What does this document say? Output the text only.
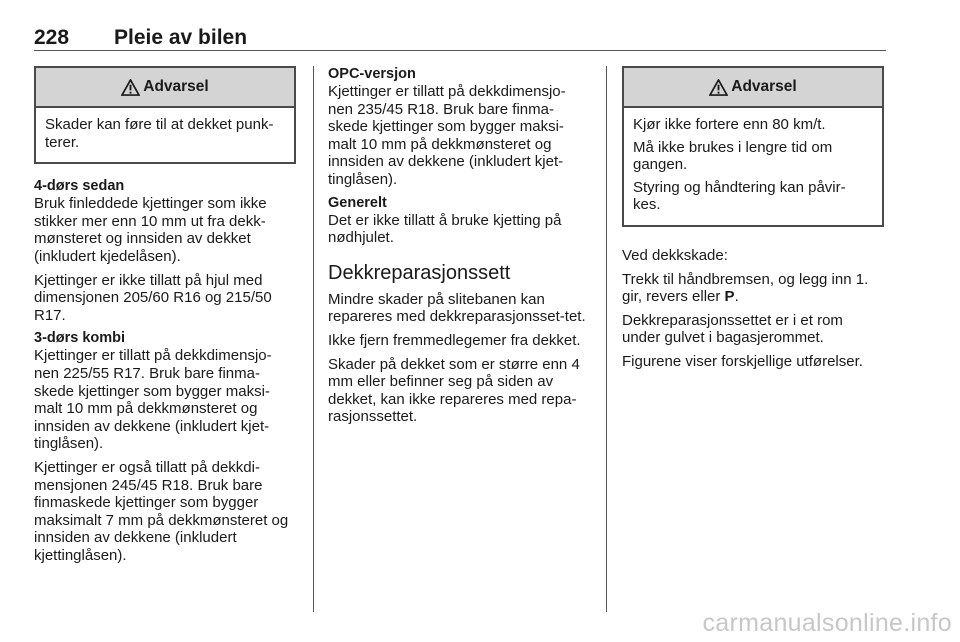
228 Pleie av bilen
Advarsel

Skader kan føre til at dekket punk-terer.

4-dørs sedan

Bruk finleddede kjettinger som ikke stikker mer enn 10 mm ut fra dekk-mønsteret og innsiden av dekket (inkludert kjedelåsen).

Kjettinger er ikke tillatt på hjul med dimensjonen 205/60 R16 og 215/50 R17.

3-dørs kombi

Kjettinger er tillatt på dekkdimensjo-nen 225/55 R17. Bruk bare finma-skede kjettinger som bygger maksi-malt 10 mm på dekkmønsteret og innsiden av dekkene (inkludert kjet-tinglåsen).

Kjettinger er også tillatt på dekkdi-mensjonen 245/45 R18. Bruk bare finmaskede kjettinger som bygger maksimalt 7 mm på dekkmønsteret og innsiden av dekkene (inkludert kjettinglåsen).

OPC-versjon

Kjettinger er tillatt på dekkdimensjo-nen 235/45 R18. Bruk bare finma-skede kjettinger som bygger maksi-malt 10 mm på dekkmønsteret og innsiden av dekkene (inkludert kjet-tinglåsen).

Generelt

Det er ikke tillatt å bruke kjetting på nødhjulet.

Dekkreparasjonssett

Mindre skader på slitebanen kan repareres med dekkreparasjonsset-tet.

Ikke fjern fremmedlegemer fra dekket.

Skader på dekket som er større enn 4 mm eller befinner seg på siden av dekket, kan ikke repareres med repa-rasjonssettet.

Advarsel

Kjør ikke fortere enn 80 km/t.

Må ikke brukes i lengre tid om gangen.

Styring og håndtering kan påvir-kes.

Ved dekkskade:

Trekk til håndbremsen, og legg inn 1. gir, revers eller P.

Dekkreparasjonssettet er i et rom under gulvet i bagasjerommet.

Figurene viser forskjellige utførelser.

carmanualsonline.info
